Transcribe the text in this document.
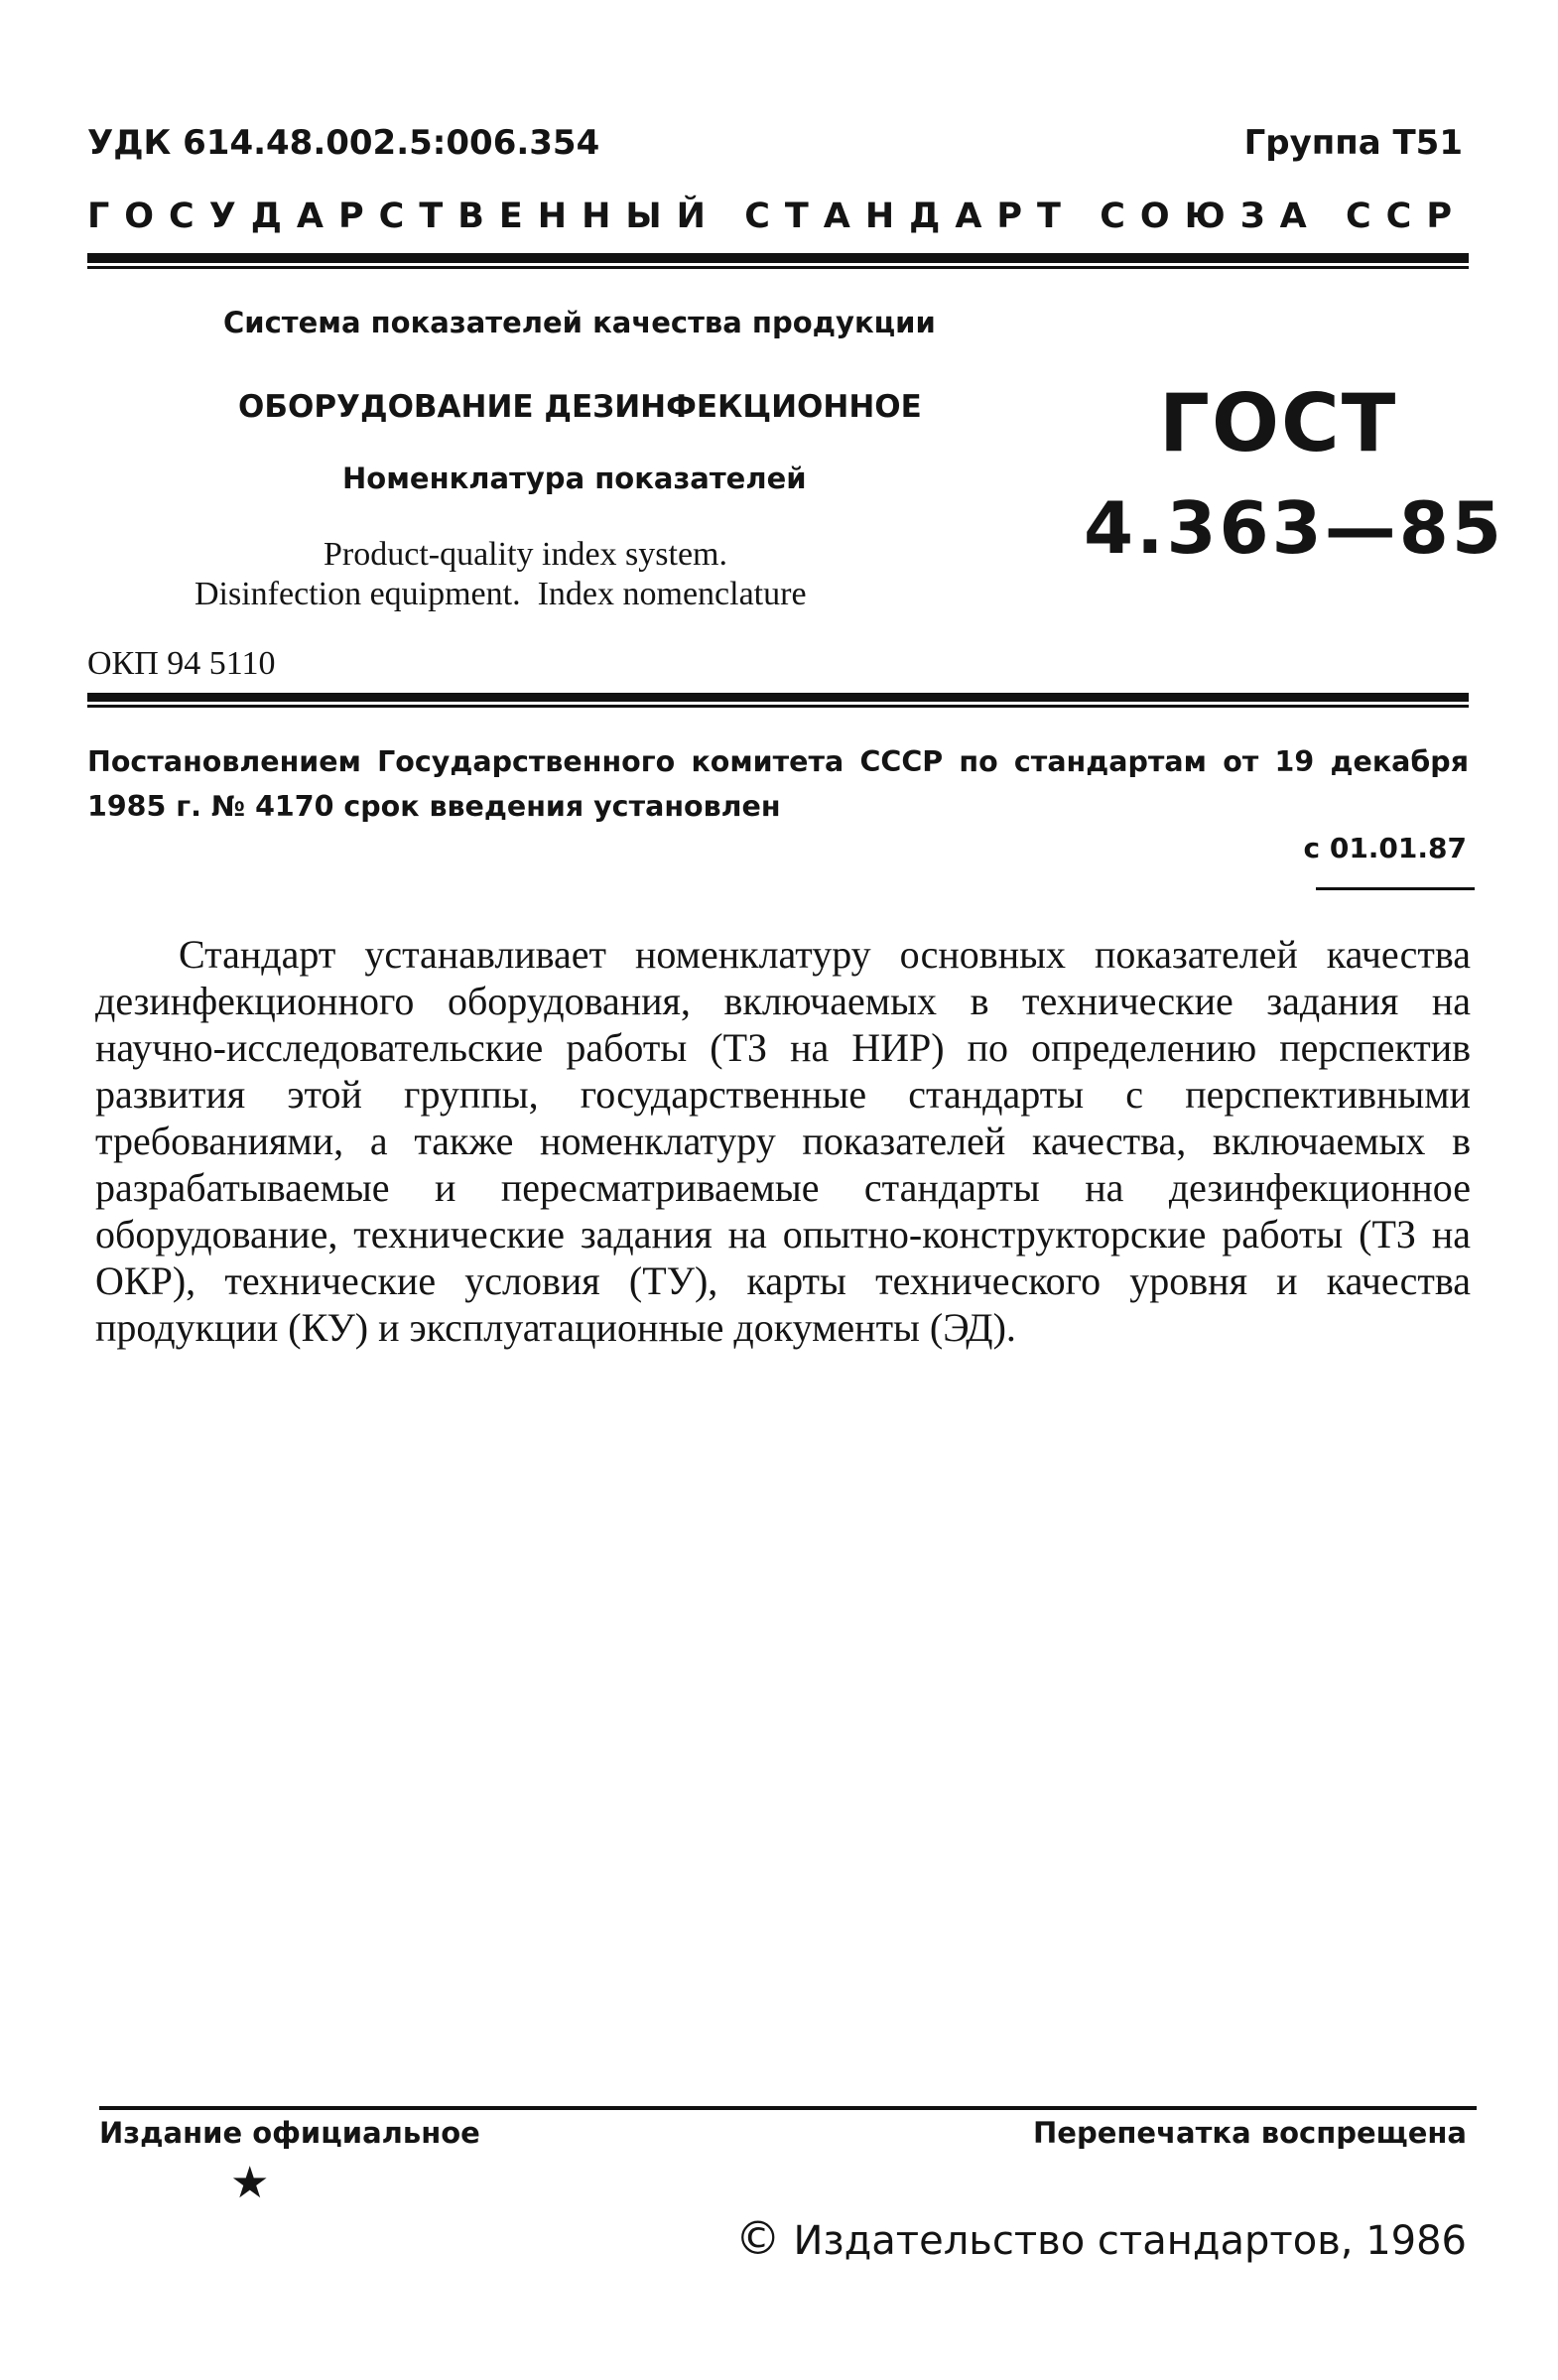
УДК 614.48.002.5:006.354	Группа Т51
ГОСУДАРСТВЕННЫЙ СТАНДАРТ СОЮЗА ССР
Система показателей качества продукции
ОБОРУДОВАНИЕ ДЕЗИНФЕКЦИОННОЕ
Номенклатура показателей
Product-quality index system.
Disinfection equipment.  Index nomenclature
ОКП 94 5110
ГОСТ
4.363—85
Постановлением Государственного комитета СССР по стандартам от 19 декабря 1985 г. № 4170 срок введения установлен
с 01.01.87
Стандарт устанавливает номенклатуру основных показателей качества дезинфекционного оборудования, включаемых в технические задания на научно-исследовательские работы (ТЗ на НИР) по определению перспектив развития этой группы, государственные стандарты с перспективными требованиями, а также номенклатуру показателей качества, включаемых в разрабатываемые и пересматриваемые стандарты на дезинфекционное оборудование, технические задания на опытно-конструкторские работы (ТЗ на ОКР), технические условия (ТУ), карты технического уровня и качества продукции (КУ) и эксплуатационные документы (ЭД).
Издание официальное	Перепечатка воспрещена
★
© Издательство стандартов, 1986
